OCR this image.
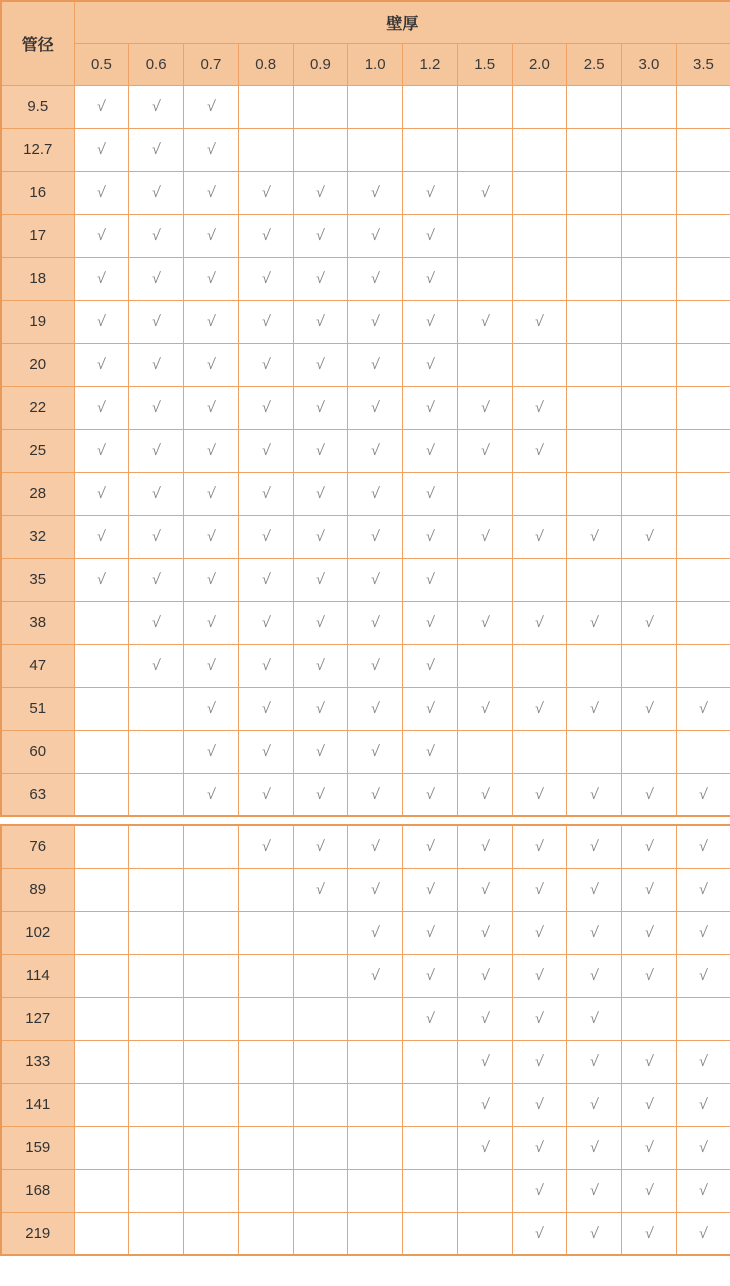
管径	壁厚											
	0.5	0.6	0.7	0.8	0.9	1.0	1.2	1.5	2.0	2.5	3.0	3.5
9.5	√	√	√									
12.7	√	√	√									
16	√	√	√	√	√	√	√	√				
17	√	√	√	√	√	√	√					
18	√	√	√	√	√	√	√					
19	√	√	√	√	√	√	√	√	√			
20	√	√	√	√	√	√	√					
22	√	√	√	√	√	√	√	√	√			
25	√	√	√	√	√	√	√	√	√			
28	√	√	√	√	√	√	√					
32	√	√	√	√	√	√	√	√	√	√	√	
35	√	√	√	√	√	√	√					
38		√	√	√	√	√	√	√	√	√	√	
47		√	√	√	√	√	√					
51			√	√	√	√	√	√	√	√	√	√
60			√	√	√	√	√					
63			√	√	√	√	√	√	√	√	√	√
76				√	√	√	√	√	√	√	√	√
89					√	√	√	√	√	√	√	√
102						√	√	√	√	√	√	√
114						√	√	√	√	√	√	√
127							√	√	√	√		
133								√	√	√	√	√
141								√	√	√	√	√
159								√	√	√	√	√
168									√	√	√	√
219									√	√	√	√
